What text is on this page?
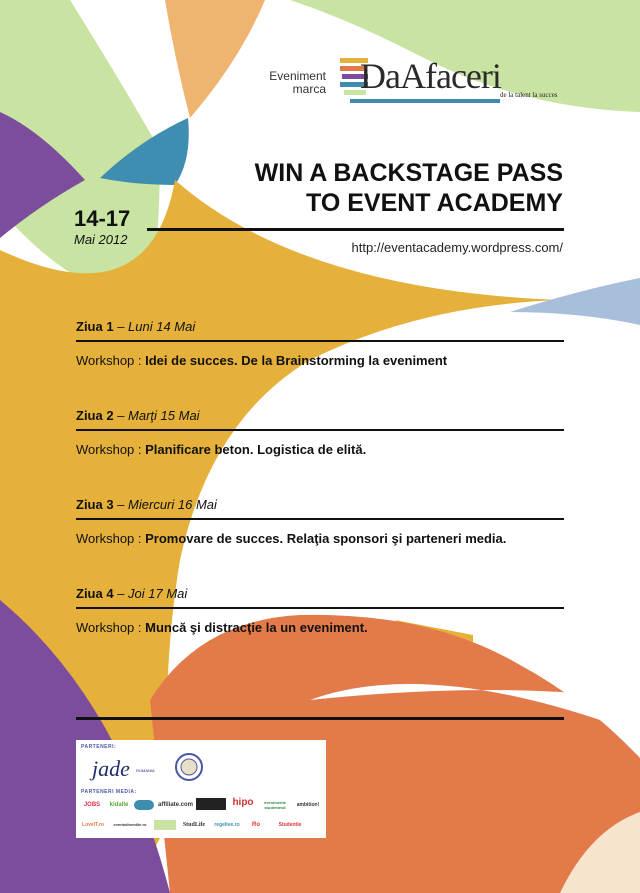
Eveniment
marca DaAfaceri de la talent la succes
WIN A BACKSTAGE PASS
TO EVENT ACADEMY
14-17
Mai 2012
http://eventacademy.wordpress.com/
Ziua 1 – Luni 14 Mai
Workshop : Idei de succes. De la Brainstorming la eveniment
Ziua 2 – Marţi 15 Mai
Workshop : Planificare beton. Logistica de elită.
Ziua 3 – Miercuri 16 Mai
Workshop : Promovare de succes. Relaţia sponsori şi parteneri media.
Ziua 4 – Joi 17 Mai
Workshop : Muncă şi distracţie la un eveniment.
PARTENERI:
jade ROMANIA
PARTENERI MEDIA:
JOBS	kidalle	affiliate.com	hipo	evenimente studentesti	ambition!
LoveIT.ro	eventsthemilie.ro	StudLife	regelive.ro	Ro	Studentie
